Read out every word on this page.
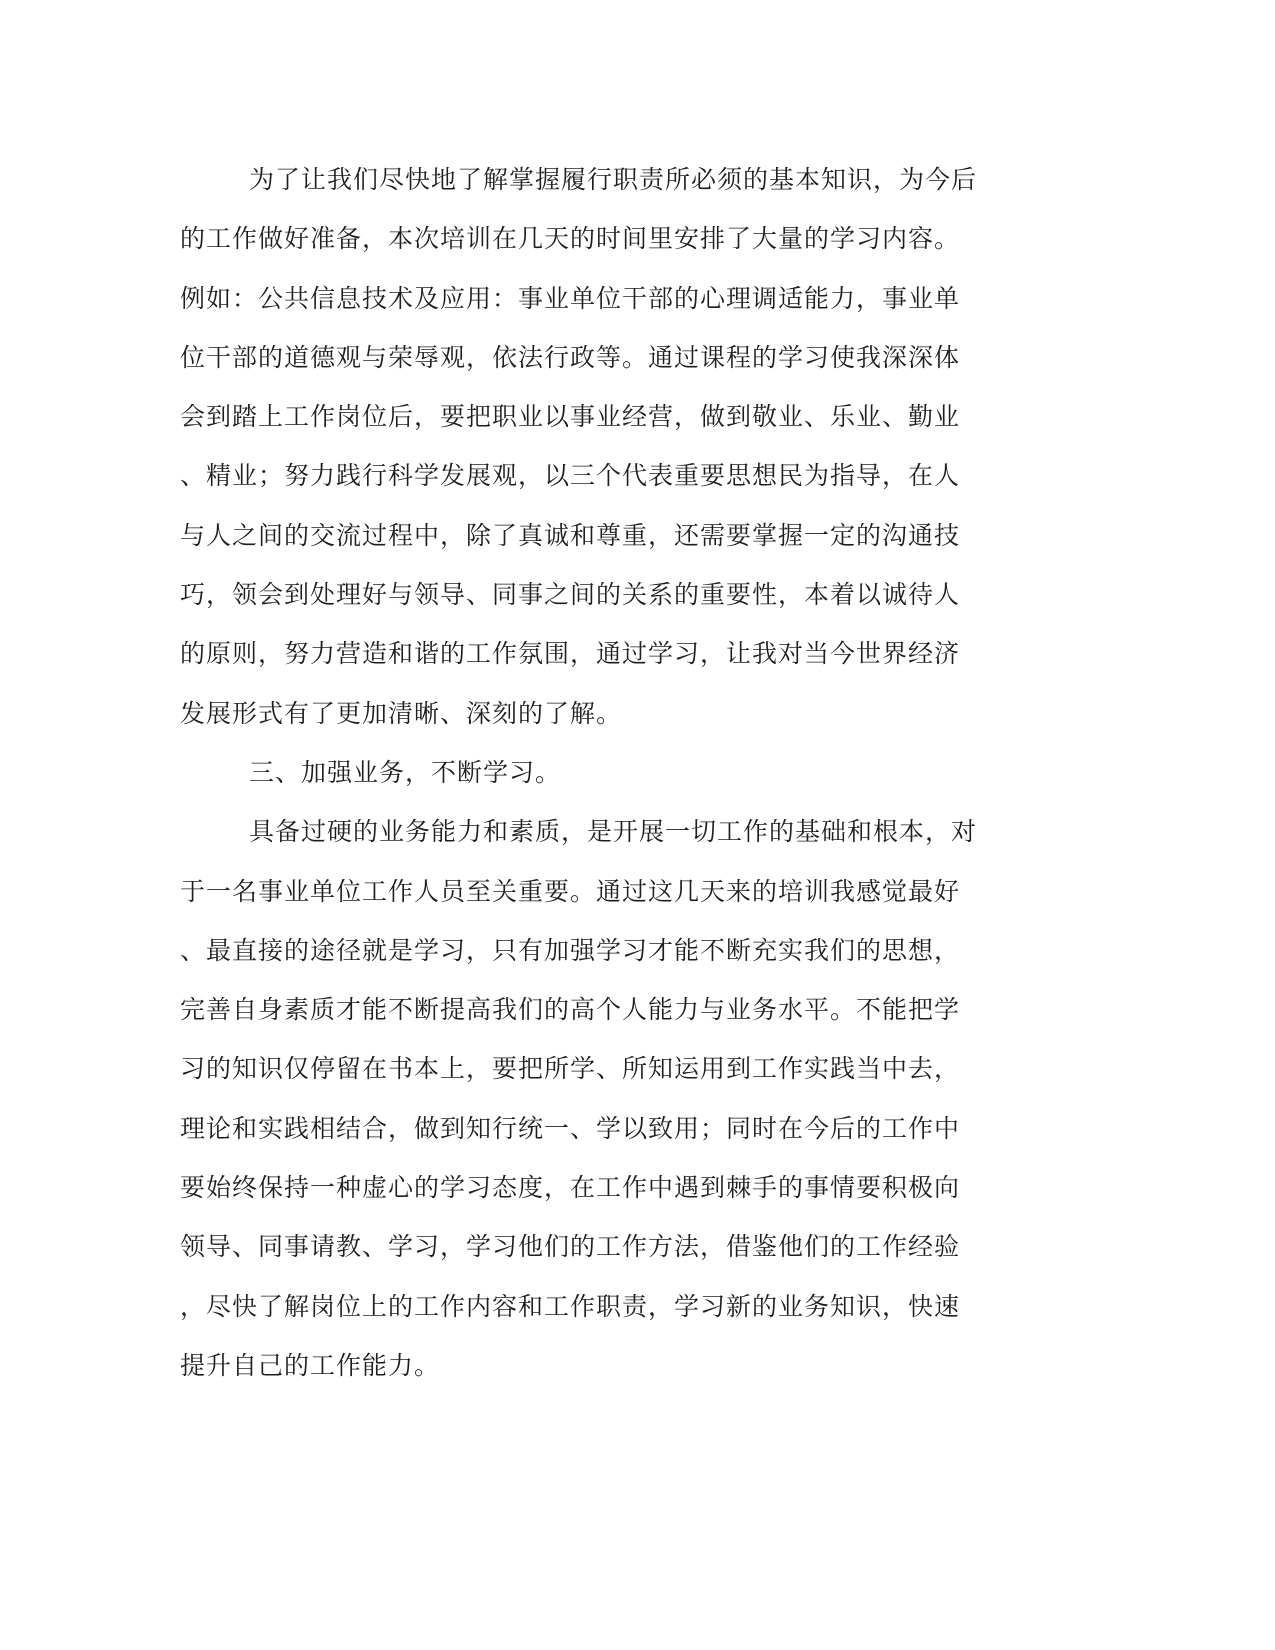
为了让我们尽快地了解掌握履行职责所必须的基本知识，为今后
的工作做好准备，本次培训在几天的时间里安排了大量的学习内容。
例如：公共信息技术及应用：事业单位干部的心理调适能力，事业单
位干部的道德观与荣辱观，依法行政等。通过课程的学习使我深深体
会到踏上工作岗位后，要把职业以事业经营，做到敬业、乐业、勤业
、精业；努力践行科学发展观，以三个代表重要思想民为指导，在人
与人之间的交流过程中，除了真诚和尊重，还需要掌握一定的沟通技
巧，领会到处理好与领导、同事之间的关系的重要性，本着以诚待人
的原则，努力营造和谐的工作氛围，通过学习，让我对当今世界经济
发展形式有了更加清晰、深刻的了解。
三、加强业务，不断学习。
具备过硬的业务能力和素质，是开展一切工作的基础和根本，对
于一名事业单位工作人员至关重要。通过这几天来的培训我感觉最好
、最直接的途径就是学习，只有加强学习才能不断充实我们的思想，
完善自身素质才能不断提高我们的高个人能力与业务水平。不能把学
习的知识仅停留在书本上，要把所学、所知运用到工作实践当中去，
理论和实践相结合，做到知行统一、学以致用；同时在今后的工作中
要始终保持一种虚心的学习态度，在工作中遇到棘手的事情要积极向
领导、同事请教、学习，学习他们的工作方法，借鉴他们的工作经验
，尽快了解岗位上的工作内容和工作职责，学习新的业务知识，快速
提升自己的工作能力。
